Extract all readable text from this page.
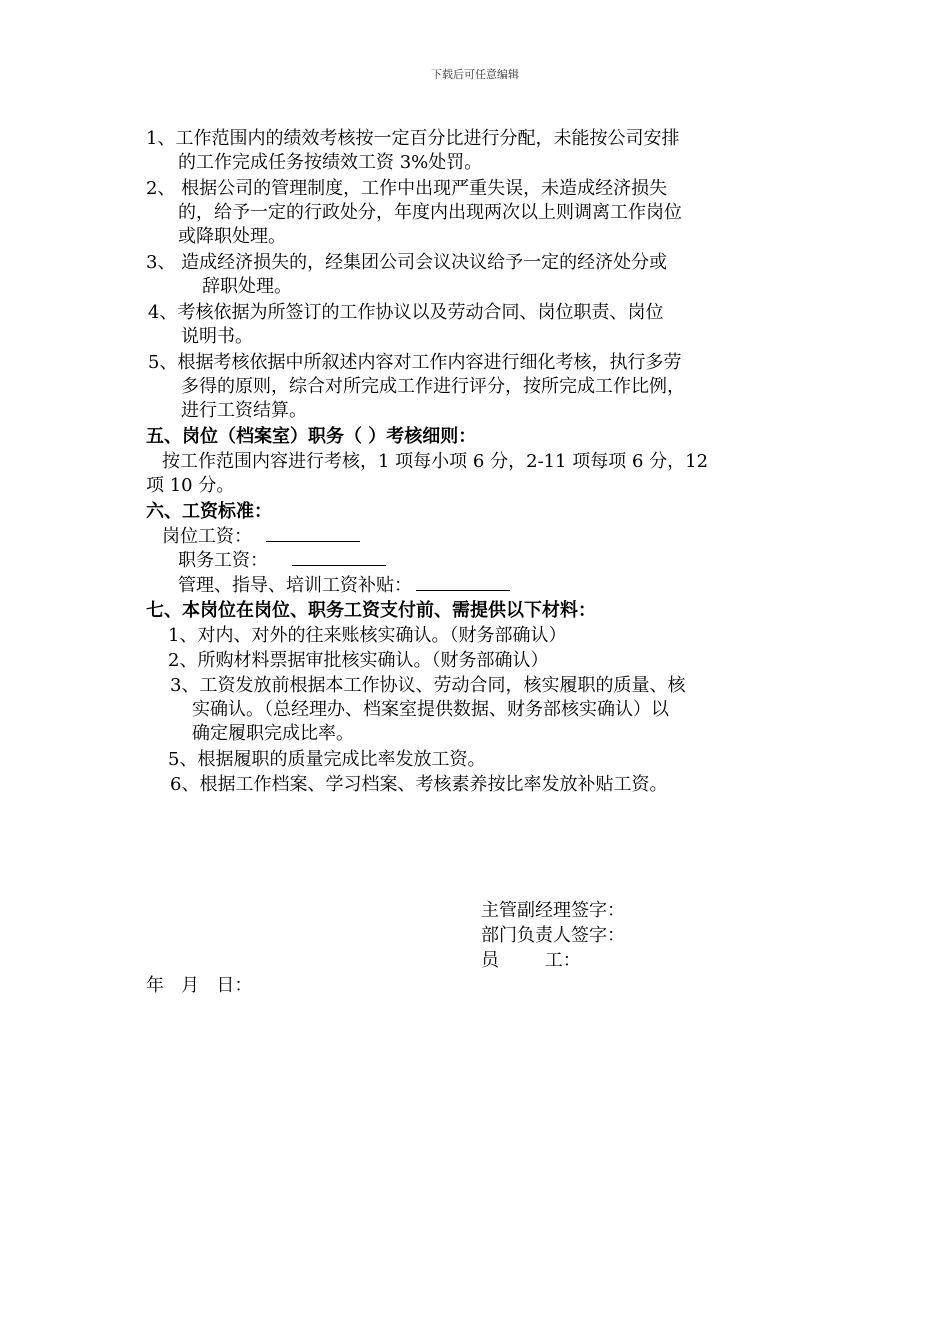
下载后可任意编辑
1、工作范围内的绩效考核按一定百分比进行分配，未能按公司安排
的工作完成任务按绩效工资 3%处罚。
2、 根据公司的管理制度，工作中出现严重失误，未造成经济损失
的，给予一定的行政处分，年度内出现两次以上则调离工作岗位
或降职处理。
3、 造成经济损失的，经集团公司会议决议给予一定的经济处分或
辞职处理。
4、考核依据为所签订的工作协议以及劳动合同、岗位职责、岗位
说明书。
5、根据考核依据中所叙述内容对工作内容进行细化考核，执行多劳
多得的原则，综合对所完成工作进行评分，按所完成工作比例，
进行工资结算。
五、岗位（档案室）职务（ ）考核细则：
按工作范围内容进行考核，1 项每小项 6 分，2-11 项每项 6 分，12
项 10 分。
六、工资标准：
岗位工资：
职务工资：
管理、指导、培训工资补贴：
七、本岗位在岗位、职务工资支付前、需提供以下材料：
1、对内、对外的往来账核实确认。（财务部确认）
2、所购材料票据审批核实确认。（财务部确认）
3、工资发放前根据本工作协议、劳动合同，核实履职的质量、核
实确认。（总经理办、档案室提供数据、财务部核实确认）以
确定履职完成比率。
5、根据履职的质量完成比率发放工资。
6、根据工作档案、学习档案、考核素养按比率发放补贴工资。
主管副经理签字：
部门负责人签字：
员        工：
年   月   日：
